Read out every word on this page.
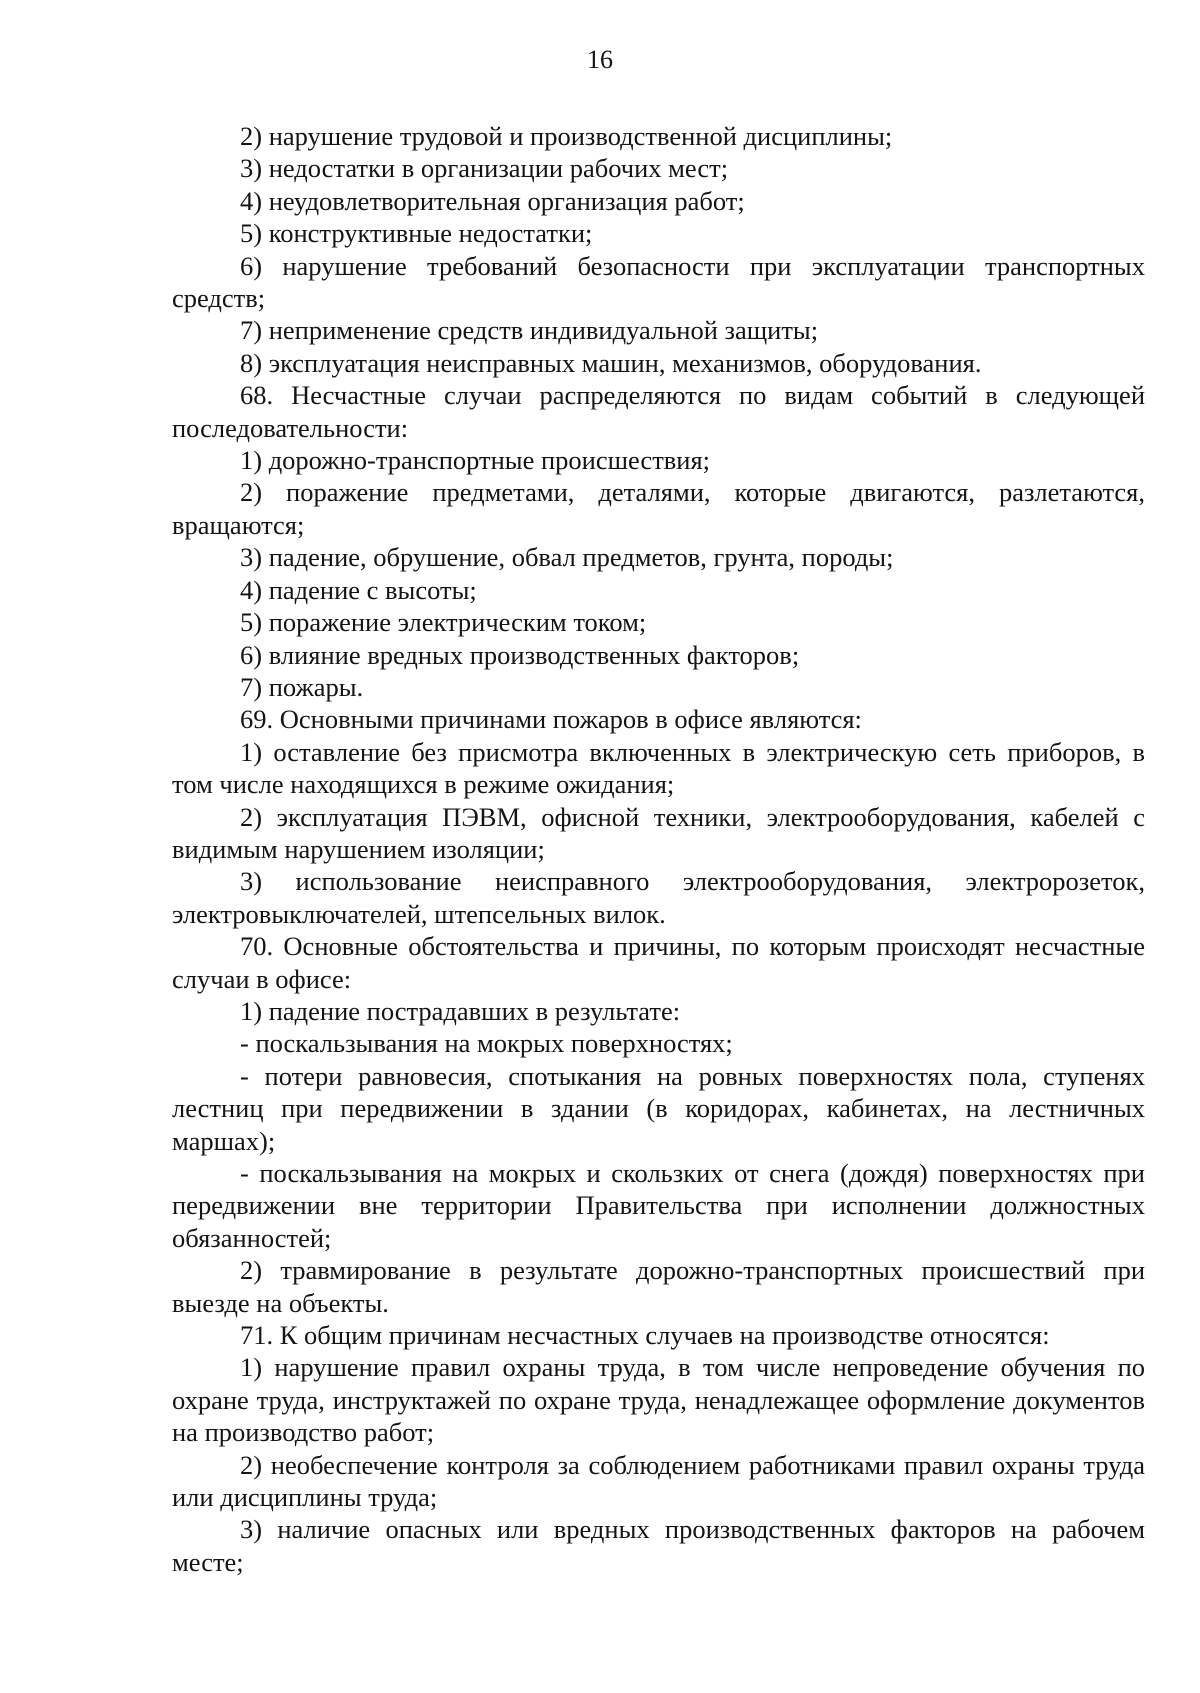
16

2) нарушение трудовой и производственной дисциплины;

3) недостатки в организации рабочих мест;

4) неудовлетворительная организация работ;

5) конструктивные недостатки;

6) нарушение требований безопасности при эксплуатации транспортных средств;

7) неприменение средств индивидуальной защиты;

8) эксплуатация неисправных машин, механизмов, оборудования.

68. Несчастные случаи распределяются по видам событий в следующей последовательности:

1) дорожно-транспортные происшествия;

2) поражение предметами, деталями, которые двигаются, разлетаются, вращаются;

3) падение, обрушение, обвал предметов, грунта, породы;

4) падение с высоты;

5) поражение электрическим током;

6) влияние вредных производственных факторов;

7) пожары.

69. Основными причинами пожаров в офисе являются:

1) оставление без присмотра включенных в электрическую сеть приборов, в том числе находящихся в режиме ожидания;

2) эксплуатация ПЭВМ, офисной техники, электрооборудования, кабелей с видимым нарушением изоляции;

3) использование неисправного электрооборудования, электророзеток, электровыключателей, штепсельных вилок.

70. Основные обстоятельства и причины, по которым происходят несчастные случаи в офисе:

1) падение пострадавших в результате:

- поскальзывания на мокрых поверхностях;

- потери равновесия, спотыкания на ровных поверхностях пола, ступенях лестниц при передвижении в здании (в коридорах, кабинетах, на лестничных маршах);

- поскальзывания на мокрых и скользких от снега (дождя) поверхностях при передвижении вне территории Правительства при исполнении должностных обязанностей;

2) травмирование в результате дорожно-транспортных происшествий при выезде на объекты.

71. К общим причинам несчастных случаев на производстве относятся:

1) нарушение правил охраны труда, в том числе непроведение обучения по охране труда, инструктажей по охране труда, ненадлежащее оформление документов на производство работ;

2) необеспечение контроля за соблюдением работниками правил охраны труда или дисциплины труда;

3) наличие опасных или вредных производственных факторов на рабочем месте;
